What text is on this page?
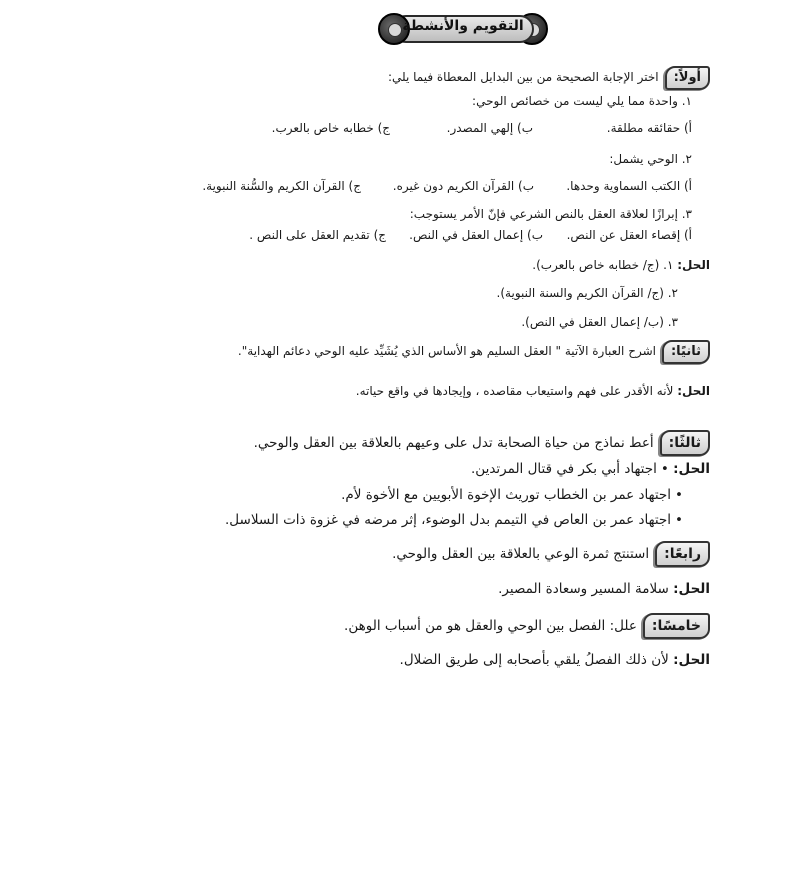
التقويم والأنشطة
أولاً:اختر الإجابة الصحيحة من بين البدايل المعطاة فيما يلي:
١. واحدة مما يلي ليست من خصائص الوحي:
أ) حقائقه مطلقة.
ب) إلهي المصدر.
ج) خطابه خاص بالعرب.
٢. الوحي يشمل:
أ) الكتب السماوية وحدها.
ب) القرآن الكريم دون غيره.
ج) القرآن الكريم والسُّنة النبوية.
٣. إبرازًا لعلاقة العقل بالنص الشرعي فإنّ الأمر يستوجب:
أ) إقصاء العقل عن النص.
ب) إعمال العقل في النص.
ج) تقديم العقل على النص .
الحل: ١. (ج/ خطابه خاص بالعرب).
٢. (ج/ القرآن الكريم والسنة النبوية).
٣. (ب/ إعمال العقل في النص).
ثانيًا:اشرح العبارة الآتية " العقل السليم هو الأساس الذي يُشَيِّد عليه الوحي دعائم الهداية".
الحل: لأنه الأقدر على فهم واستيعاب مقاصده ، وإيجادها في واقع حياته.
ثالثًا:أعط نماذج من حياة الصحابة تدل على وعيهم بالعلاقة بين العقل والوحي.
الحل: •اجتهاد أبي بكر في قتال المرتدين.
•اجتهاد عمر بن الخطاب توريث الإخوة الأبويين مع الأخوة لأم.
•اجتهاد عمر بن العاص في التيمم بدل الوضوء، إثر مرضه في غزوة ذات السلاسل.
رابعًا:استنتج ثمرة الوعي بالعلاقة بين العقل والوحي.
الحل: سلامة المسير وسعادة المصير.
خامسًا:علل: الفصل بين الوحي والعقل هو من أسباب الوهن.
الحل: لأن ذلك الفصلُ يلقي بأصحابه إلى طريق الضلال.
